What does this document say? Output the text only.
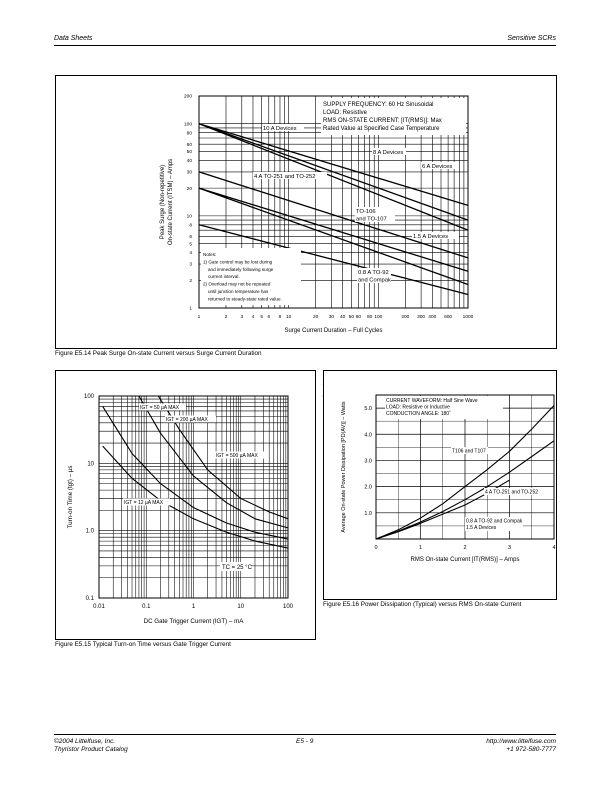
Data Sheets	Sensitive SCRs
1	2	3 4 5 6 8 10	20 30 40 50 60 80 100	200 300 400 600 1000
1
2
3
4
5
6
8
10
20
30
40
50
60
80
100
200
Surge Current Duration – Full Cycles
Peak Surge (Non-repetitive) On-state Current (ITSM) – Amps
SUPPLY FREQUENCY: 60 Hz Sinusoidal
LOAD: Resistive
RMS ON-STATE CURRENT: [IT(RMS)]: Max
Rated Value at Specified Case Temperature
10 A Devices
8 A Devices
6 A Devices
4 A TO-251 and TO-252
TO-106 and TO-107
1.5 A Devices
0.8 A TO-92 and Compak
Notes:
1) Gate control may be lost during
and immediately following surge
current interval.
2) Overload may not be repeated
until junction temperature has
returned to steady-state rated value.
Figure E5.14 Peak Surge On-state Current versus Surge Current Duration
0.01	0.1	1	10	100
0.1
1.0
10
100
DC Gate Trigger Current (IGT) – mA
Turn-on Time (tgt) – µs
IGT = 50 µA MAX
IGT = 200 µA MAX
IGT = 500 µA MAX
IGT = 12 µA MAX
TC = 25 °C
Figure E5.15 Typical Turn-on Time versus Gate Trigger Current
0	1	2	3	4
1.0
2.0
3.0
4.0
5.0
RMS On-state Current [IT(RMS)] – Amps
Average On-state Power Dissipation [PD(AV)] – Watts
CURRENT WAVEFORM: Half Sine Wave
LOAD: Resistive or Inductive
CONDUCTION ANGLE: 180˚
T106 and T107
4 A TO-251 and TO-252
0.8 A TO-92 and Compak
1.5 A Devices
Figure E5.16 Power Dissipation (Typical) versus RMS On-state Current
©2004 Littelfuse, Inc.
Thyristor Product Catalog
E5 - 9	http://www.littelfuse.com
+1 972-580-7777
